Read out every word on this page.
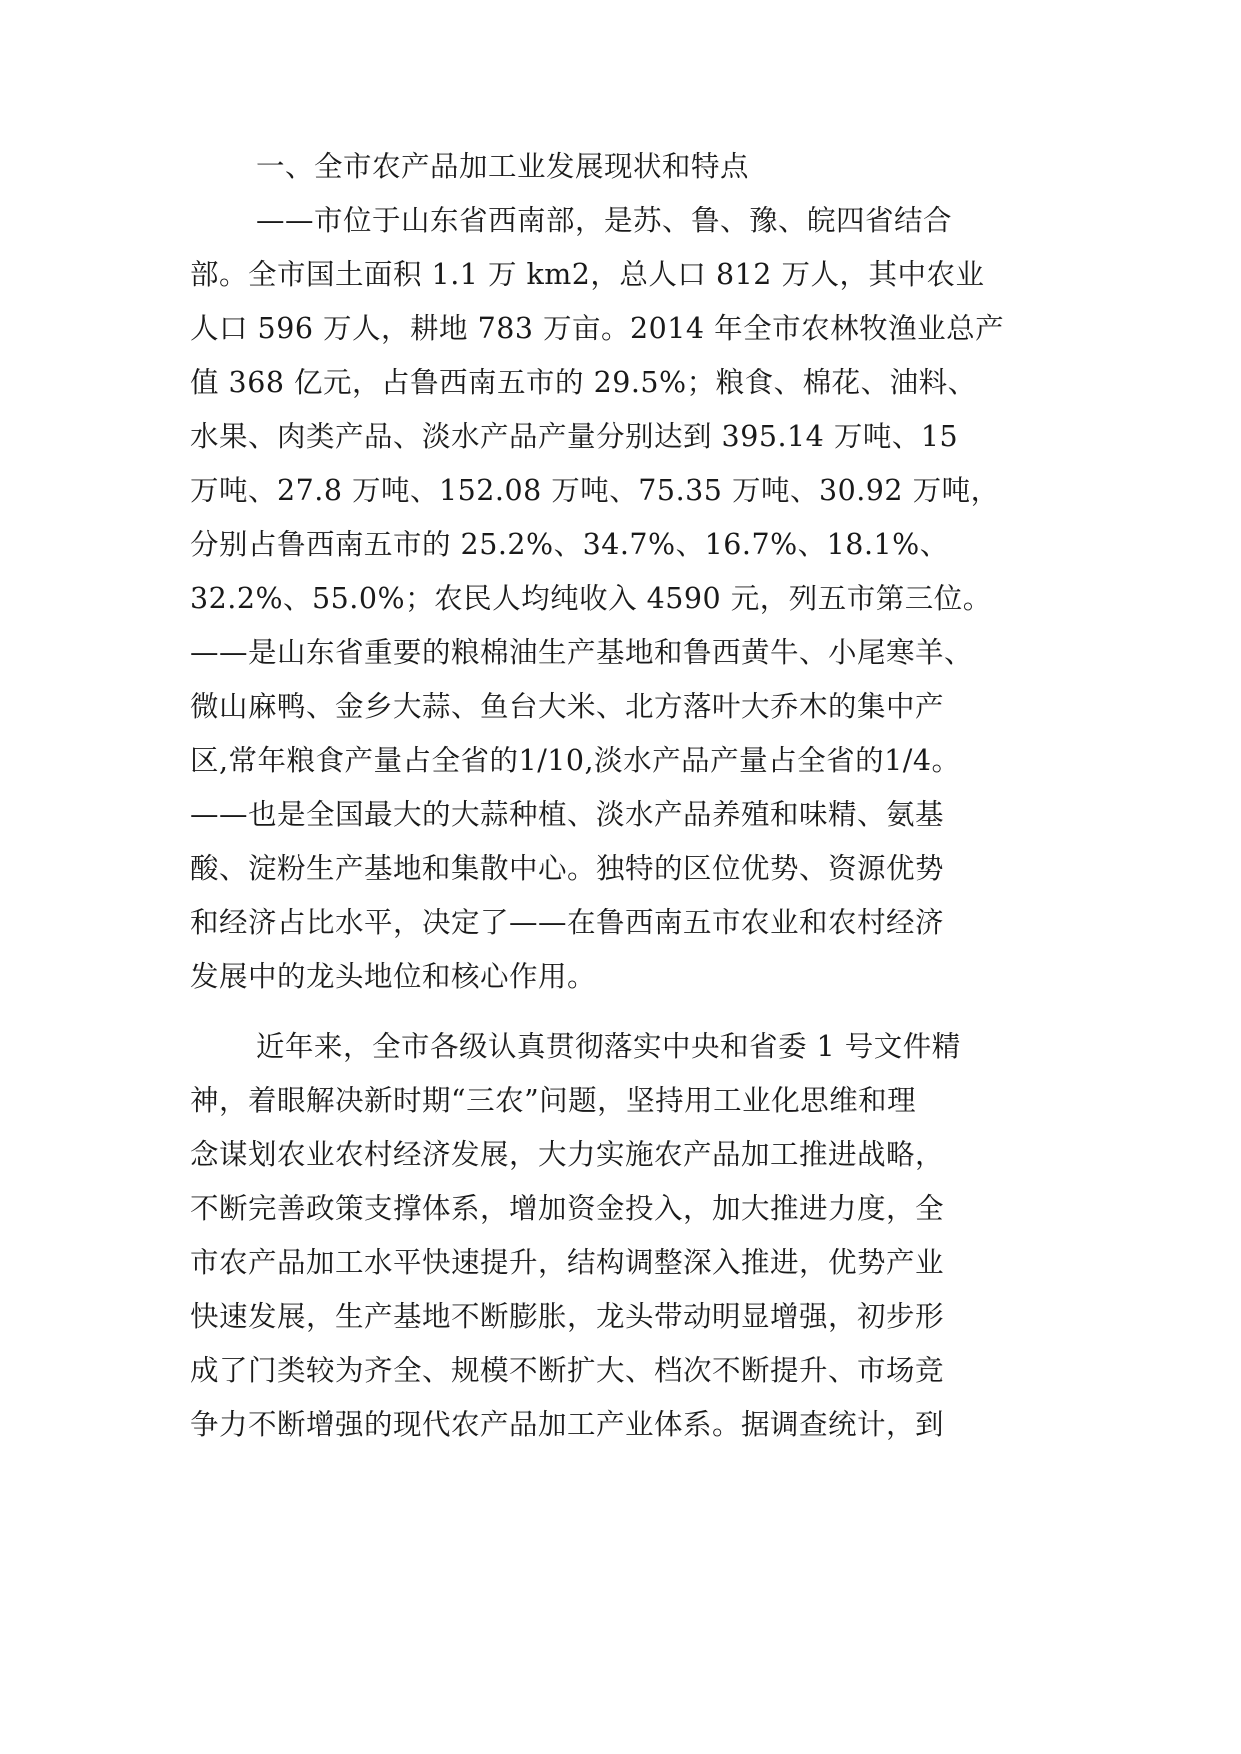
一、全市农产品加工业发展现状和特点
——市位于山东省西南部，是苏、鲁、豫、皖四省结合
部。全市国土面积 1.1 万 km2，总人口 812 万人，其中农业
人口 596 万人，耕地 783 万亩。2014 年全市农林牧渔业总产
值 368 亿元，占鲁西南五市的 29.5%；粮食、棉花、油料、
水果、肉类产品、淡水产品产量分别达到 395.14 万吨、15
万吨、27.8 万吨、152.08 万吨、75.35 万吨、30.92 万吨，
分别占鲁西南五市的 25.2%、34.7%、16.7%、18.1%、
32.2%、55.0%；农民人均纯收入 4590 元，列五市第三位。
——是山东省重要的粮棉油生产基地和鲁西黄牛、小尾寒羊、
微山麻鸭、金乡大蒜、鱼台大米、北方落叶大乔木的集中产
区,常年粮食产量占全省的1/10,淡水产品产量占全省的1/4。
——也是全国最大的大蒜种植、淡水产品养殖和味精、氨基
酸、淀粉生产基地和集散中心。独特的区位优势、资源优势
和经济占比水平，决定了——在鲁西南五市农业和农村经济
发展中的龙头地位和核心作用。
近年来，全市各级认真贯彻落实中央和省委 1 号文件精
神，着眼解决新时期“三农”问题，坚持用工业化思维和理
念谋划农业农村经济发展，大力实施农产品加工推进战略，
不断完善政策支撑体系，增加资金投入，加大推进力度，全
市农产品加工水平快速提升，结构调整深入推进，优势产业
快速发展，生产基地不断膨胀，龙头带动明显增强，初步形
成了门类较为齐全、规模不断扩大、档次不断提升、市场竞
争力不断增强的现代农产品加工产业体系。据调查统计，到
